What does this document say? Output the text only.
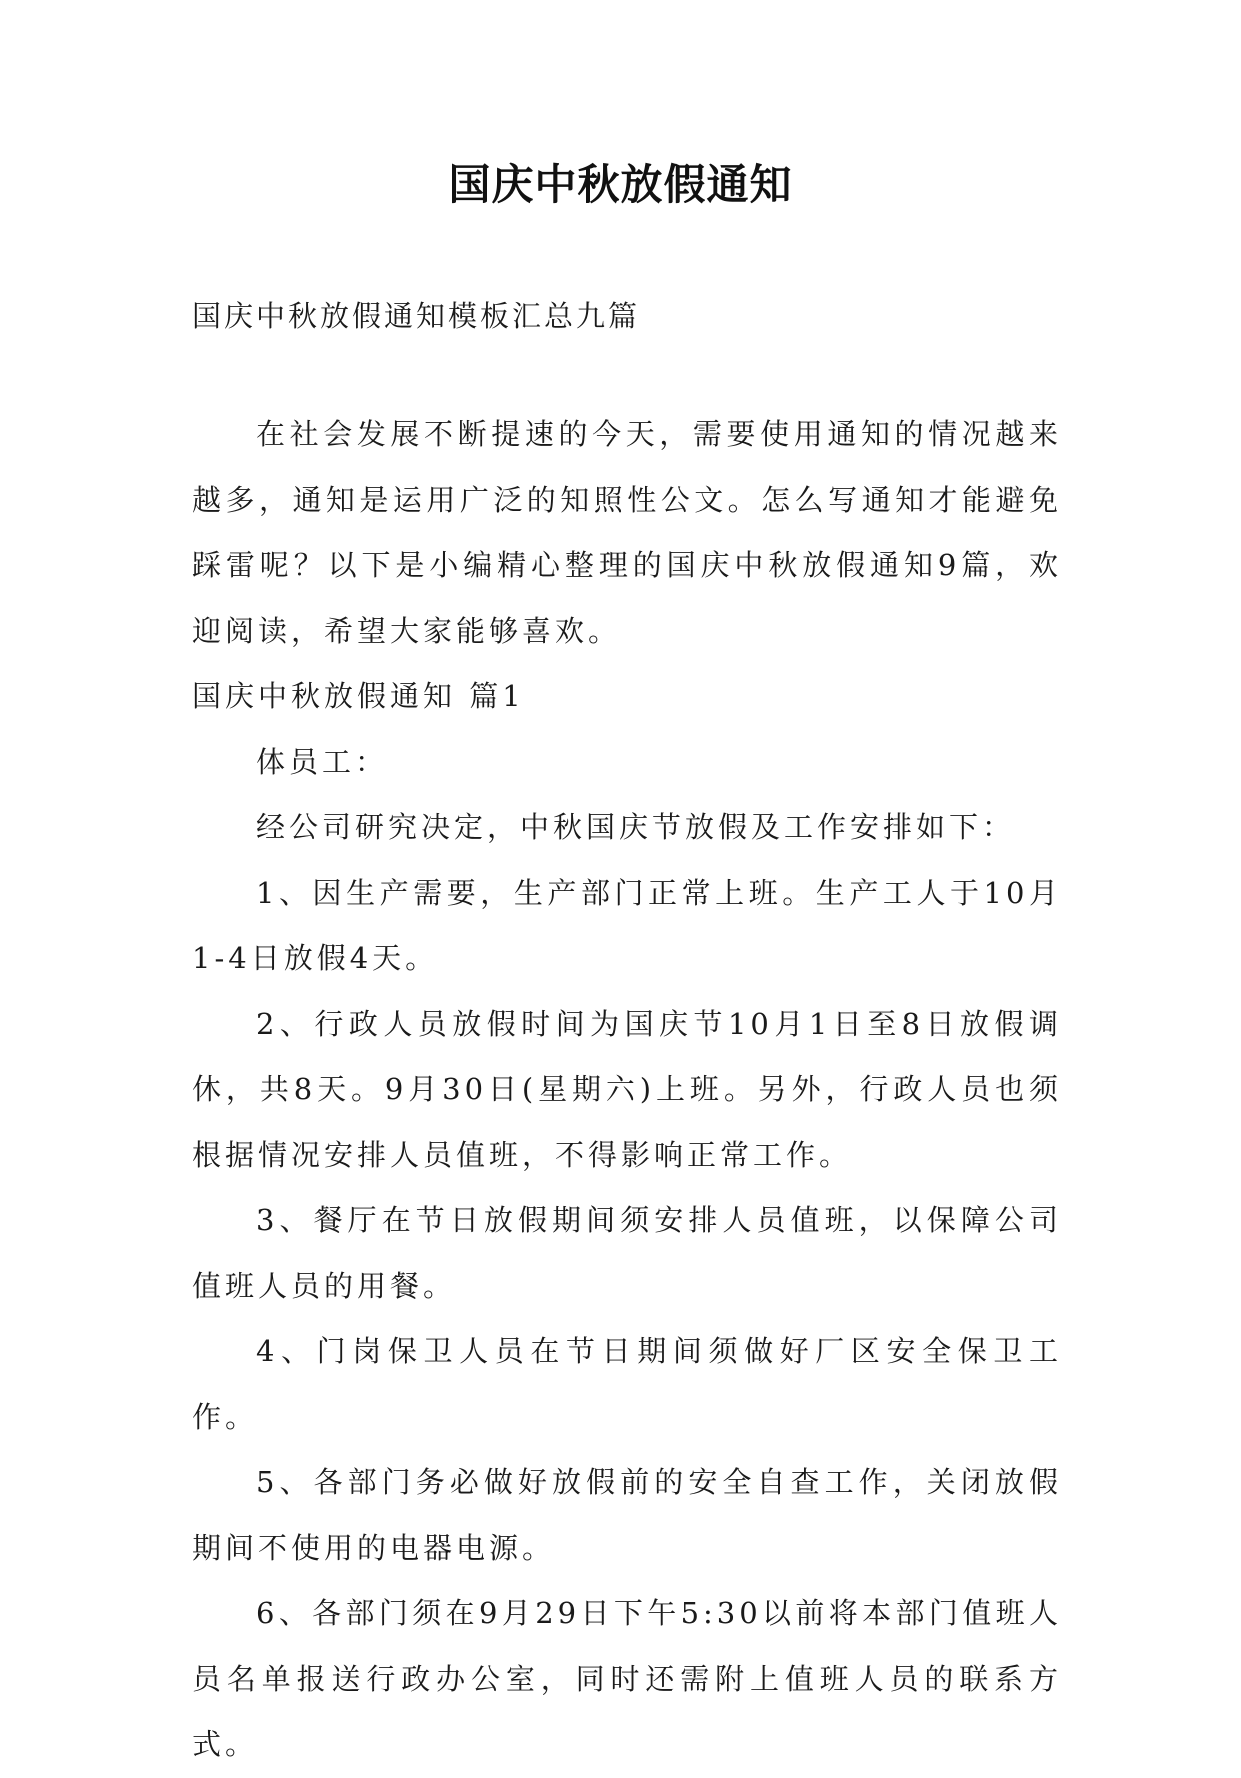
国庆中秋放假通知
国庆中秋放假通知模板汇总九篇

在社会发展不断提速的今天，需要使用通知的情况越来越多，通知是运用广泛的知照性公文。怎么写通知才能避免踩雷呢？以下是小编精心整理的国庆中秋放假通知9篇，欢迎阅读，希望大家能够喜欢。

国庆中秋放假通知 篇1

体员工：

经公司研究决定，中秋国庆节放假及工作安排如下：

1、因生产需要，生产部门正常上班。生产工人于10月1-4日放假4天。

2、行政人员放假时间为国庆节10月1日至8日放假调休，共8天。9月30日(星期六)上班。另外，行政人员也须根据情况安排人员值班，不得影响正常工作。

3、餐厅在节日放假期间须安排人员值班，以保障公司值班人员的用餐。

4、门岗保卫人员在节日期间须做好厂区安全保卫工作。

5、各部门务必做好放假前的安全自查工作，关闭放假期间不使用的电器电源。

6、各部门须在9月29日下午5:30以前将本部门值班人员名单报送行政办公室，同时还需附上值班人员的联系方式。
